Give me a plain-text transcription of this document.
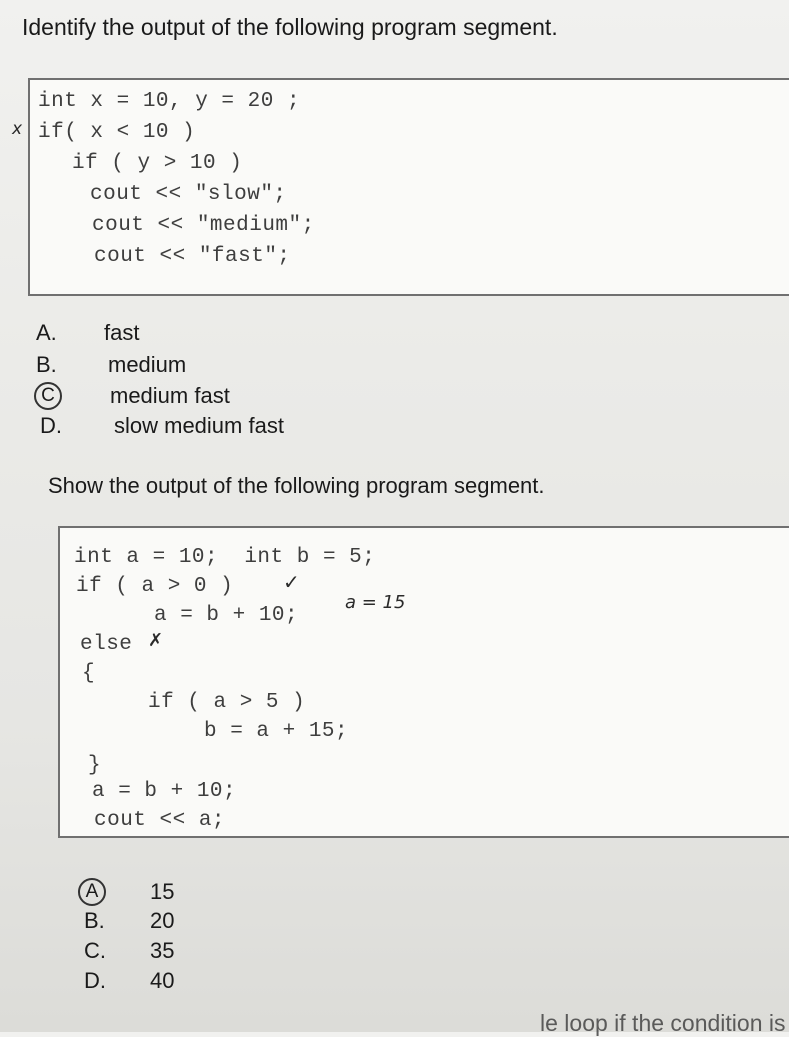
Identify the output of the following program segment.
int x = 10, y = 20 ;
if( x < 10 )
if ( y > 10 )
cout << "slow";
cout << "medium";
cout << "fast";
x
A. fast
B. medium
C	medium fast
D. slow medium fast
Show the output of the following program segment.
int a = 10;  int b = 5;
if ( a > 0 )
a = b + 10;
else
{
if ( a > 5 )
b = a + 15;
}
a = b + 10;
cout << a;
✓
a = 15
✗
A	15
B. 20
C. 35
D. 40
le loop if the condition is
